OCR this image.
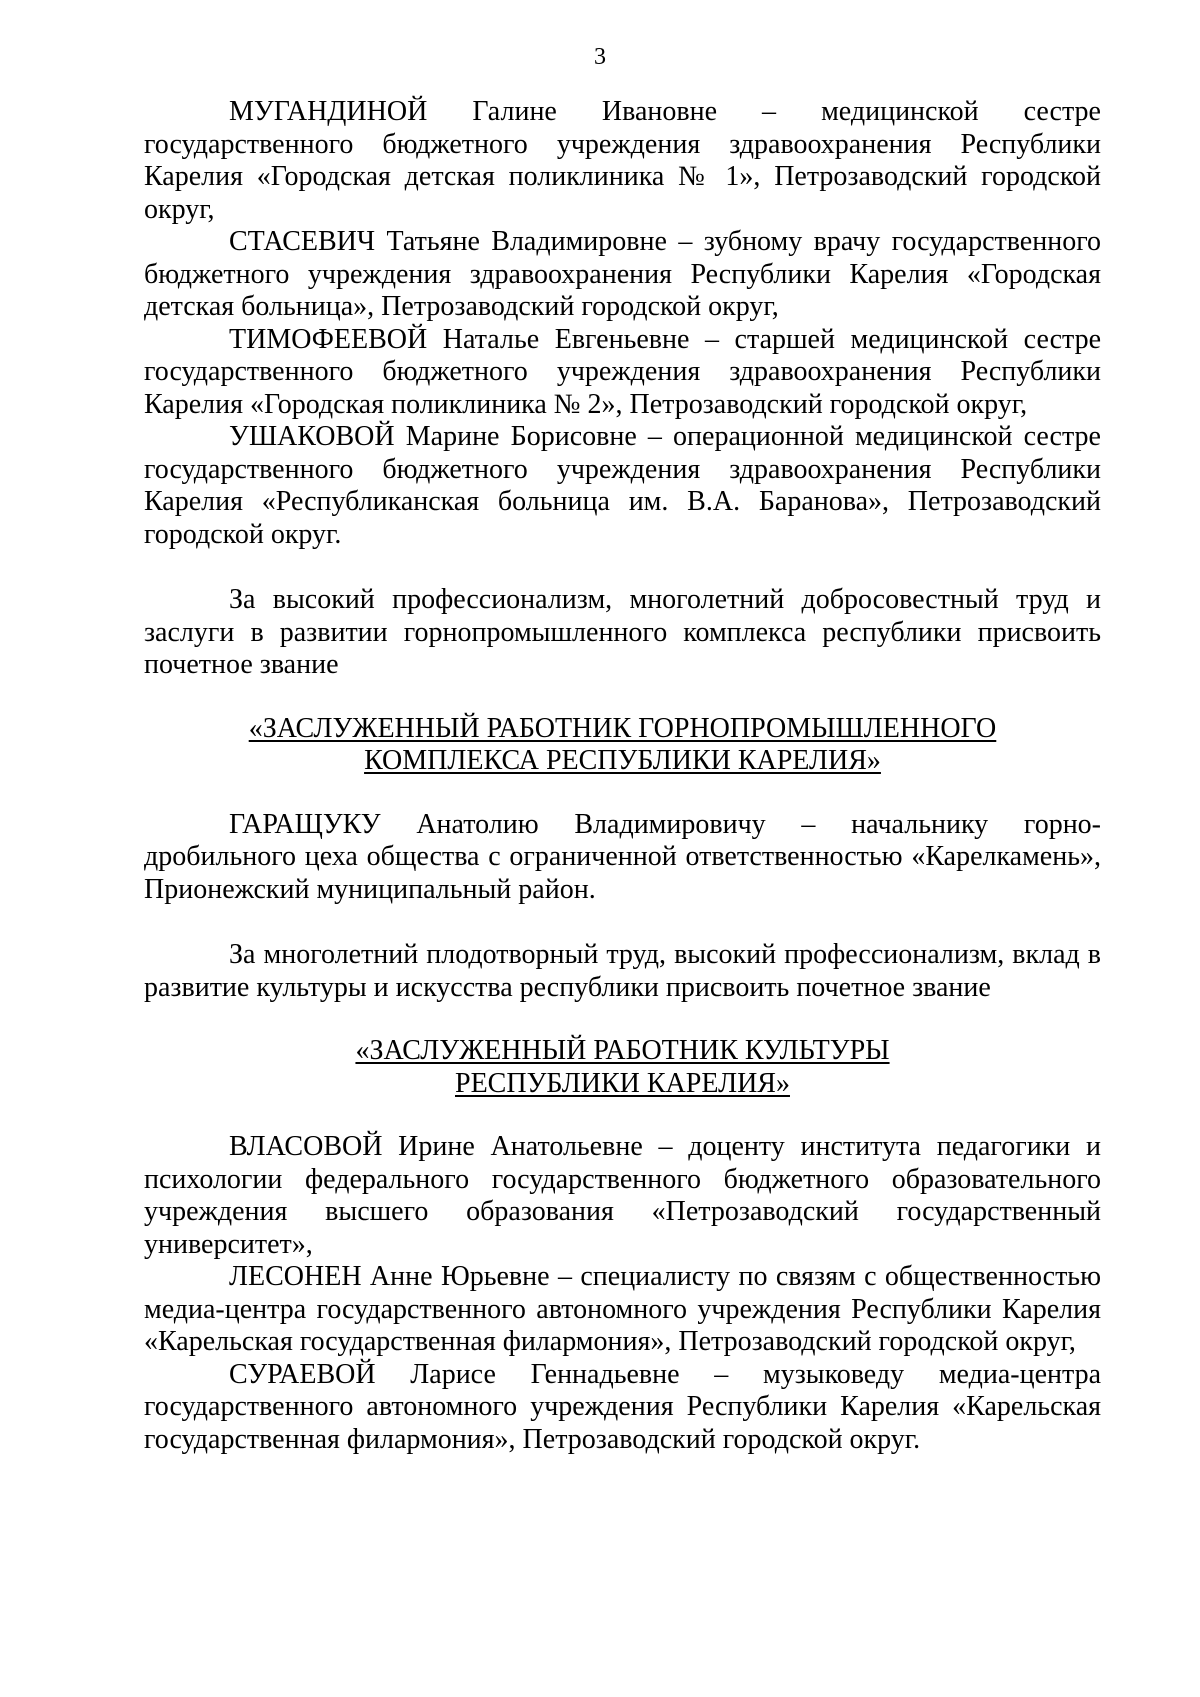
3

МУГАНДИНОЙ Галине Ивановне – медицинской сестре государственного бюджетного учреждения здравоохранения Республики Карелия «Городская детская поликлиника № 1», Петрозаводский городской округ,

СТАСЕВИЧ Татьяне Владимировне – зубному врачу государственного бюджетного учреждения здравоохранения Республики Карелия «Городская детская больница», Петрозаводский городской округ,

ТИМОФЕЕВОЙ Наталье Евгеньевне – старшей медицинской сестре государственного бюджетного учреждения здравоохранения Республики Карелия «Городская поликлиника № 2», Петрозаводский городской округ,

УШАКОВОЙ Марине Борисовне – операционной медицинской сестре государственного бюджетного учреждения здравоохранения Республики Карелия «Республиканская больница им. В.А. Баранова», Петрозаводский городской округ.

За высокий профессионализм, многолетний добросовестный труд и заслуги в развитии горнопромышленного комплекса республики присвоить почетное звание

«ЗАСЛУЖЕННЫЙ РАБОТНИК ГОРНОПРОМЫШЛЕННОГО
КОМПЛЕКСА РЕСПУБЛИКИ КАРЕЛИЯ»

ГАРАЩУКУ Анатолию Владимировичу – начальнику горно-дробильного цеха общества с ограниченной ответственностью «Карелкамень», Прионежский муниципальный район.

За многолетний плодотворный труд, высокий профессионализм, вклад в развитие культуры и искусства республики присвоить почетное звание

«ЗАСЛУЖЕННЫЙ РАБОТНИК КУЛЬТУРЫ
РЕСПУБЛИКИ КАРЕЛИЯ»

ВЛАСОВОЙ Ирине Анатольевне – доценту института педагогики и психологии федерального государственного бюджетного образовательного учреждения высшего образования «Петрозаводский государственный университет»,

ЛЕСОНЕН Анне Юрьевне – специалисту по связям с общественностью медиа-центра государственного автономного учреждения Республики Карелия «Карельская государственная филармония», Петрозаводский городской округ,

СУРАЕВОЙ Ларисе Геннадьевне – музыковеду медиа-центра государственного автономного учреждения Республики Карелия «Карельская государственная филармония», Петрозаводский городской округ.
